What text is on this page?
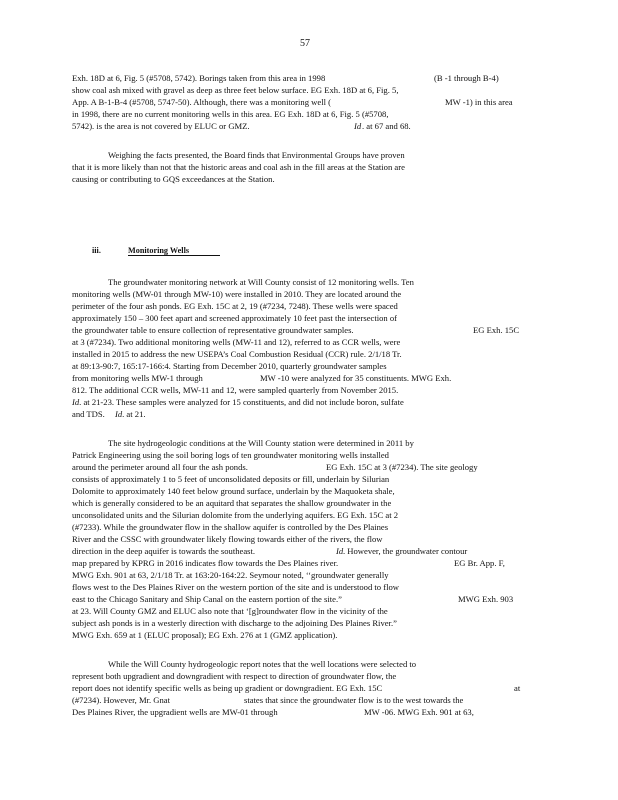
57
Exh. 18D at 6, Fig. 5 (#5708, 5742). Borings taken from this area in 1998	(B -1 through B-4)
show coal ash mixed with gravel as deep as three feet below surface. EG Exh. 18D at 6, Fig. 5,
App. A B-1-B-4 (#5708, 5747-50). Although, there was a monitoring well (	MW -1) in this area
in 1998, there are no current monitoring wells in this area. EG Exh. 18D at 6, Fig. 5 (#5708,
5742). is the area is not covered by ELUC or GMZ.	Id . at 67 and 68.
Weighing the facts presented, the Board finds that Environmental Groups have proven
that it is more likely than not that the historic areas and coal ash in the fill areas at the Station are
causing or contributing to GQS exceedances at the Station.
iii.	Monitoring Wells
The groundwater monitoring network at Will County consist of 12 monitoring wells. Ten
monitoring wells (MW-01 through MW-10) were installed in 2010. They are located around the
perimeter of the four ash ponds. EG Exh. 15C at 2, 19 (#7234, 7248). These wells were spaced
approximately 150 – 300 feet apart and screened approximately 10 feet past the intersection of
the groundwater table to ensure collection of representative groundwater samples.	EG Exh. 15C
at 3 (#7234). Two additional monitoring wells (MW-11 and 12), referred to as CCR wells, were
installed in 2015 to address the new USEPA’s Coal Combustion Residual (CCR) rule. 2/1/18 Tr.
at 89:13-90:7, 165:17-166:4. Starting from December 2010, quarterly groundwater samples
from monitoring wells MW-1 through	MW -10 were analyzed for 35 constituents. MWG Exh.
812. The additional CCR wells, MW-11 and 12, were sampled quarterly from November 2015.
Id. at 21-23. These samples were analyzed for 15 constituents, and did not include boron, sulfate
and TDS. Id. at 21.
The site hydrogeologic conditions at the Will County station were determined in 2011 by
Patrick Engineering using the soil boring logs of ten groundwater monitoring wells installed
around the perimeter around all four the ash ponds.	EG Exh. 15C at 3 (#7234). The site geology
consists of approximately 1 to 5 feet of unconsolidated deposits or fill, underlain by Silurian
Dolomite to approximately 140 feet below ground surface, underlain by the Maquoketa shale,
which is generally considered to be an aquitard that separates the shallow groundwater in the
unconsolidated units and the Silurian dolomite from the underlying aquifers. EG Exh. 15C at 2
(#7233). While the groundwater flow in the shallow aquifer is controlled by the Des Plaines
River and the CSSC with groundwater likely flowing towards either of the rivers, the flow
direction in the deep aquifer is towards the southeast.	Id . However, the groundwater contour
map prepared by KPRG in 2016 indicates flow towards the Des Plaines river.	EG Br. App. F,
MWG Exh. 901 at 63, 2/1/18 Tr. at 163:20-164:22. Seymour noted, ‘‘groundwater generally
flows west to the Des Plaines River on the western portion of the site and is understood to flow
east to the Chicago Sanitary and Ship Canal on the eastern portion of the site.”	MWG Exh. 903
at 23. Will County GMZ and ELUC also note that ‘[g]roundwater flow in the vicinity of the
subject ash ponds is in a westerly direction with discharge to the adjoining Des Plaines River.”
MWG Exh. 659 at 1 (ELUC proposal); EG Exh. 276 at 1 (GMZ application).
While the Will County hydrogeologic report notes that the well locations were selected to
represent both upgradient and downgradient with respect to direction of groundwater flow, the
report does not identify specific wells as being up gradient or downgradient. EG Exh. 15C	at
(#7234). However, Mr. Gnat	states that since the groundwater flow is to the west towards the
Des Plaines River, the upgradient wells are MW-01 through	MW -06. MWG Exh. 901 at 63,
